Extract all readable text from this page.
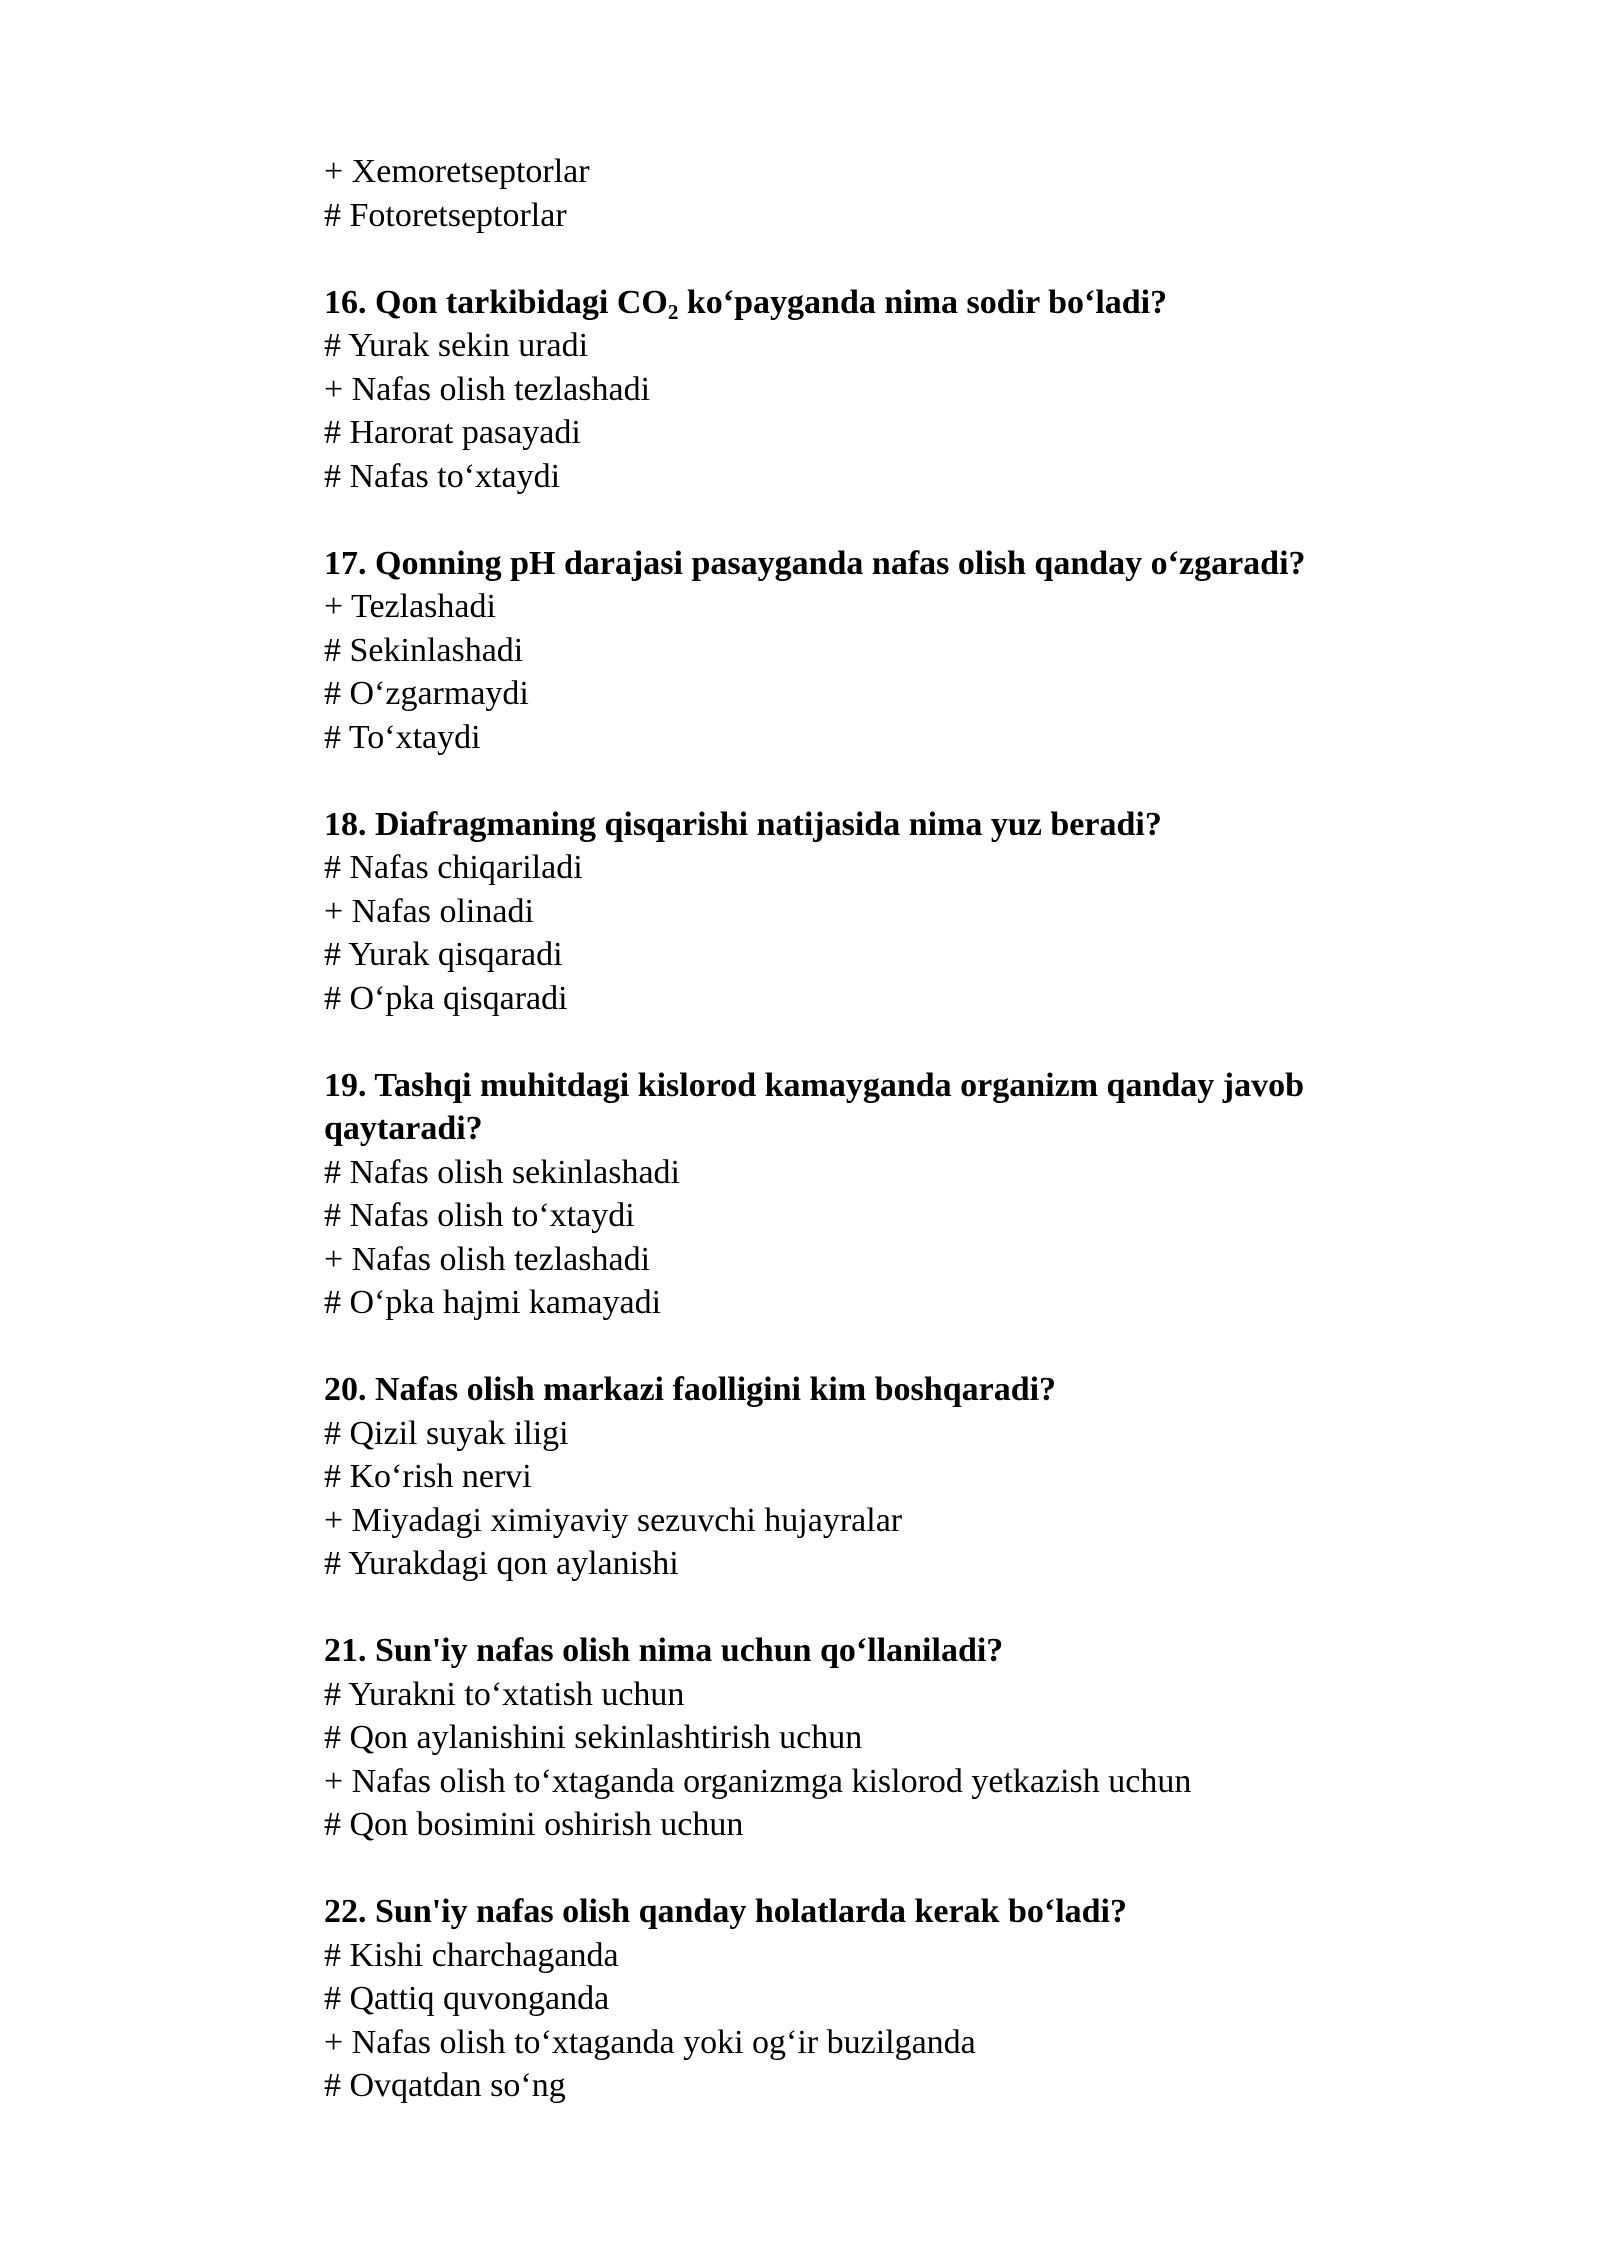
+ Xemoretseptorlar
# Fotoretseptorlar
16. Qon tarkibidagi $CO_2$ ko‘payganda nima sodir bo‘ladi?
# Yurak sekin uradi
+ Nafas olish tezlashadi
# Harorat pasayadi
# Nafas to‘xtaydi
17. Qonning pH darajasi pasayganda nafas olish qanday o‘zgaradi?
+ Tezlashadi
# Sekinlashadi
# O‘zgarmaydi
# To‘xtaydi
18. Diafragmaning qisqarishi natijasida nima yuz beradi?
# Nafas chiqariladi
+ Nafas olinadi
# Yurak qisqaradi
# O‘pka qisqaradi
19. Tashqi muhitdagi kislorod kamayganda organizm qanday javob qaytaradi?
# Nafas olish sekinlashadi
# Nafas olish to‘xtaydi
+ Nafas olish tezlashadi
# O‘pka hajmi kamayadi
20. Nafas olish markazi faolligini kim boshqaradi?
# Qizil suyak iligi
# Ko‘rish nervi
+ Miyadagi ximiyaviy sezuvchi hujayralar
# Yurakdagi qon aylanishi
21. Sun'iy nafas olish nima uchun qo‘llaniladi?
# Yurakni to‘xtatish uchun
# Qon aylanishini sekinlashtirish uchun
+ Nafas olish to‘xtaganda organizmga kislorod yetkazish uchun
# Qon bosimini oshirish uchun
22. Sun'iy nafas olish qanday holatlarda kerak bo‘ladi?
# Kishi charchaganda
# Qattiq quvonganda
+ Nafas olish to‘xtaganda yoki og‘ir buzilganda
# Ovqatdan so‘ng
